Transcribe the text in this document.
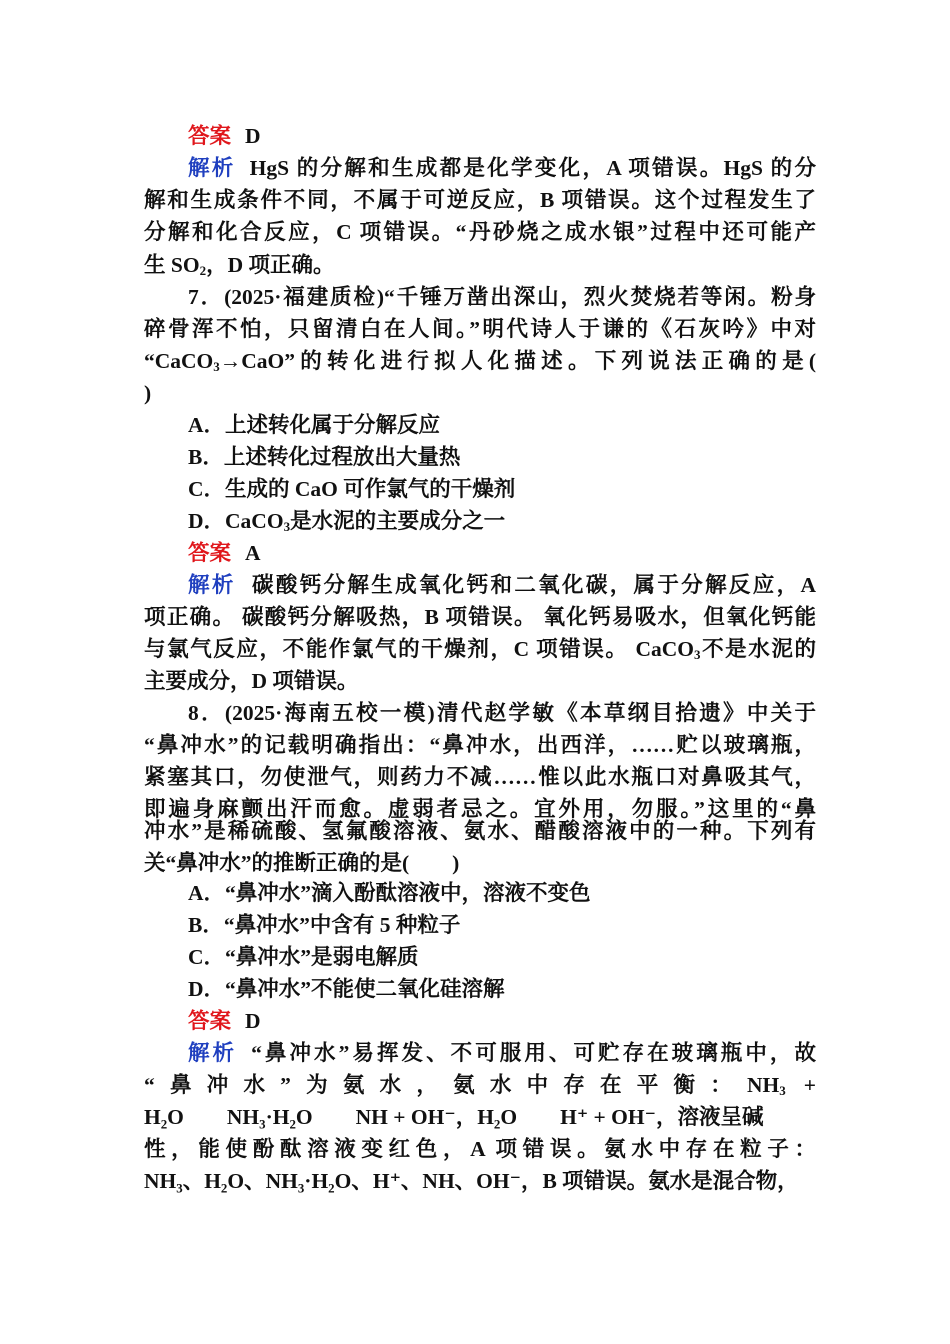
答案 D
解析 HgS 的分解和生成都是化学变化，A 项错误。HgS 的分
解和生成条件不同，不属于可逆反应，B 项错误。这个过程发生了
分解和化合反应，C 项错误。“丹砂烧之成水银”过程中还可能产
生 $SO_2$，D 项正确。
7．(2025·福建质检)“千锤万凿出深山，烈火焚烧若等闲。粉身
碎骨浑不怕，只留清白在人间。”明代诗人于谦的《石灰吟》中对
“CaCO$_3$→CaO”的转化进行拟人化描述。下列说法正确的是(
)
A．上述转化属于分解反应
B．上述转化过程放出大量热
C．生成的 CaO 可作氯气的干燥剂
D．CaCO$_3$是水泥的主要成分之一
答案 A
解析 碳酸钙分解生成氧化钙和二氧化碳，属于分解反应，A
项正确。 碳酸钙分解吸热，B 项错误。 氧化钙易吸水，但氧化钙能
与氯气反应，不能作氯气的干燥剂，C 项错误。 CaCO$_3$不是水泥的
主要成分，D 项错误。
8．(2025·海南五校一模)清代赵学敏《本草纲目拾遗》中关于
“鼻冲水”的记载明确指出：“鼻冲水，出西洋，……贮以玻璃瓶，
紧塞其口，勿使泄气，则药力不减……惟以此水瓶口对鼻吸其气，
即遍身麻颤出汗而愈。虚弱者忌之。宜外用，勿服。”这里的“鼻
冲水”是稀硫酸、氢氟酸溶液、氨水、醋酸溶液中的一种。下列有
关“鼻冲水”的推断正确的是(　　)
A．“鼻冲水”滴入酚酞溶液中，溶液不变色
B．“鼻冲水”中含有 5 种粒子
C．“鼻冲水”是弱电解质
D．“鼻冲水”不能使二氧化硅溶解
答案 D
解析 “鼻冲水”易挥发、不可服用、可贮存在玻璃瓶中，故
“鼻冲水”为氨水，氨水中存在平衡：$NH_3$ +
H₂O　　NH₃·H₂O　　NH + OH⁻，H₂O　　H⁺ + OH⁻，溶液呈碱
性，能使酚酞溶液变红色，A 项错误。氨水中存在粒子：
NH₃、H₂O、NH₃·H₂O、H⁺、NH、OH⁻，B 项错误。氨水是混合物，
